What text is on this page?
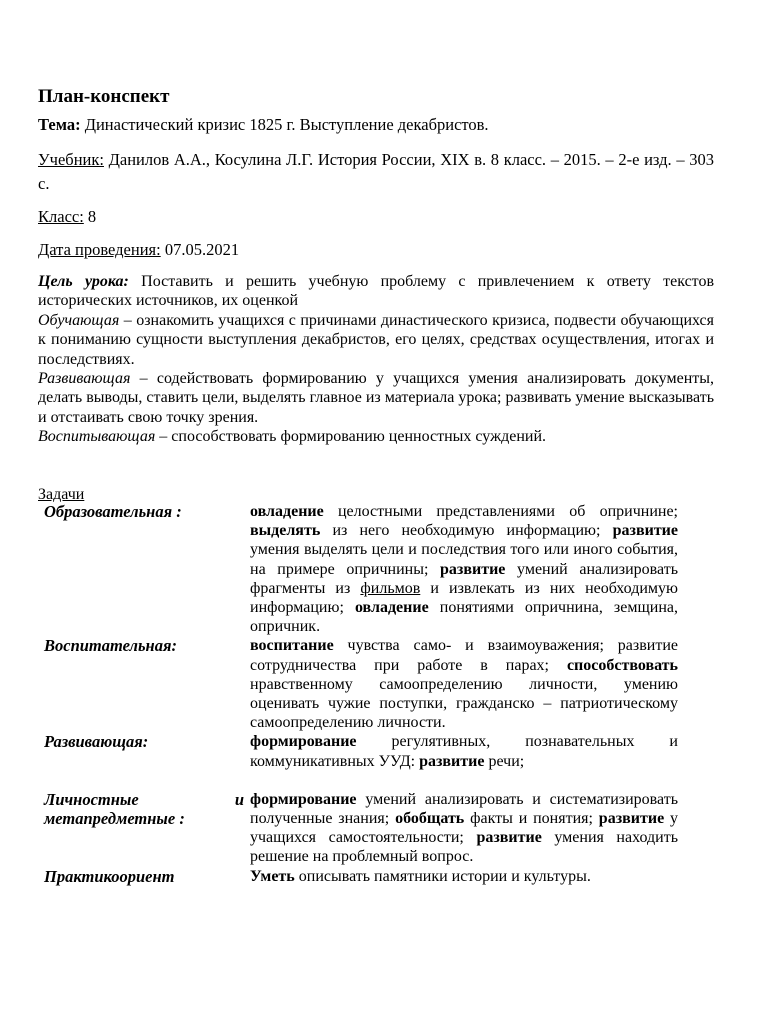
План-конспект
Тема: Династический кризис 1825 г. Выступление декабристов.
Учебник: Данилов А.А., Косулина Л.Г. История России, XIX в. 8 класс. – 2015. – 2-е изд. – 303 с.
Класс: 8
Дата проведения: 07.05.2021

Цель урока: Поставить и решить учебную проблему с привлечением к ответу текстов исторических источников, их оценкой

Обучающая – ознакомить учащихся с причинами династического кризиса, подвести обучающихся к пониманию сущности выступления декабристов, его целях, средствах осуществления, итогах и последствиях.

Развивающая – содействовать формированию у учащихся умения анализировать документы, делать выводы, ставить цели, выделять главное из материала урока; развивать умение высказывать и отстаивать свою точку зрения.

Воспитывающая – способствовать формированию ценностных суждений.

Задачи
Образовательная :	овладение целостными представлениями об опричнине; выделять из него необходимую информацию; развитие умения выделять цели и последствия того или иного события, на примере опричнины; развитие умений анализировать фрагменты из фильмов и извлекать из них необходимую информацию; овладение понятиями опричнина, земщина, опричник.
Воспитательная:	воспитание чувства само- и взаимоуважения; развитие сотрудничества при работе в парах; способствовать нравственному самоопределению личности, умению оценивать чужие поступки, гражданско – патриотическому самоопределению личности.
Развивающая:	формирование регулятивных, познавательных и коммуникативных УУД: развитие речи;

Личностные и метапредметные :	формирование умений анализировать и систематизировать полученные знания; обобщать факты и понятия; развитие у учащихся самостоятельности; развитие умения находить решение на проблемный вопрос.
Практикоориент	Уметь описывать памятники истории и культуры.
